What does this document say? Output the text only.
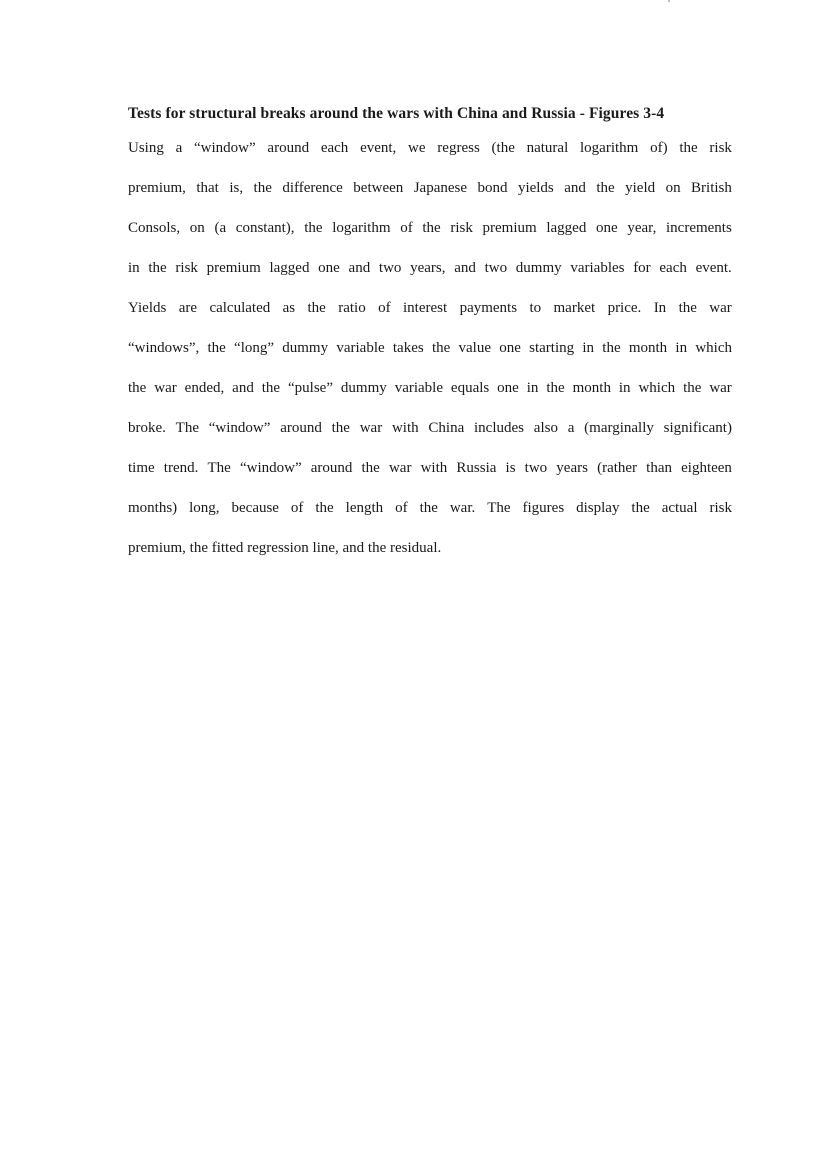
Tests for structural breaks around the wars with China and Russia - Figures 3-4
Using a “window” around each event, we regress (the natural logarithm of) the risk
premium, that is, the difference between Japanese bond yields and the yield on British
Consols, on (a constant), the logarithm of the risk premium lagged one year, increments
in the risk premium lagged one and two years, and two dummy variables for each event.
Yields are calculated as the ratio of interest payments to market price. In the war
“windows”, the “long” dummy variable takes the value one starting in the month in which
the war ended, and the “pulse” dummy variable equals one in the month in which the war
broke. The “window” around the war with China includes also a (marginally significant)
time trend. The “window” around the war with Russia is two years (rather than eighteen
months) long, because of the length of the war. The figures display the actual risk
premium, the fitted regression line, and the residual.
